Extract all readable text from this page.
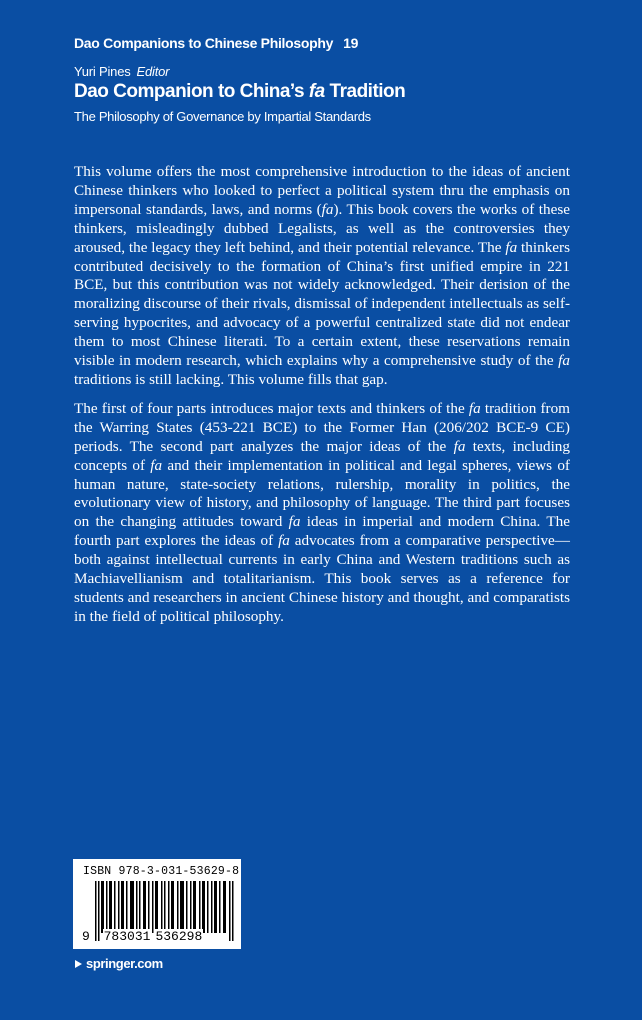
Dao Companions to Chinese Philosophy 19
Yuri Pines Editor
Dao Companion to China’s fa Tradition
The Philosophy of Governance by Impartial Standards

This volume offers the most comprehensive introduction to the ideas of ancient Chinese thinkers who looked to perfect a political system thru the emphasis on impersonal standards, laws, and norms (fa). This book covers the works of these thinkers, misleadingly dubbed Legalists, as well as the controversies they aroused, the legacy they left behind, and their potential relevance. The fa thinkers contributed decisively to the formation of China’s first unified empire in 221 BCE, but this contribution was not widely acknowledged. Their derision of the moralizing discourse of their rivals, dismissal of independent intellectuals as self-serving hypocrites, and advocacy of a powerful centralized state did not endear them to most Chinese literati. To a certain extent, these reservations remain visible in modern research, which explains why a comprehensive study of the fa traditions is still lacking. This volume fills that gap.

The first of four parts introduces major texts and thinkers of the fa tradition from the Warring States (453-221 BCE) to the Former Han (206/202 BCE-9 CE) periods. The second part analyzes the major ideas of the fa texts, including concepts of fa and their implementation in political and legal spheres, views of human nature, state-society relations, rulership, morality in politics, the evolutionary view of history, and philosophy of language. The third part focuses on the changing attitudes toward fa ideas in imperial and modern China. The fourth part explores the ideas of fa advocates from a comparative perspective—both against intellectual currents in early China and Western traditions such as Machiavellianism and totalitarianism. This book serves as a reference for students and researchers in ancient Chinese history and thought, and comparatists in the field of political philosophy.

ISBN 978-3-031-53629-8
9 783031 536298
springer.com
